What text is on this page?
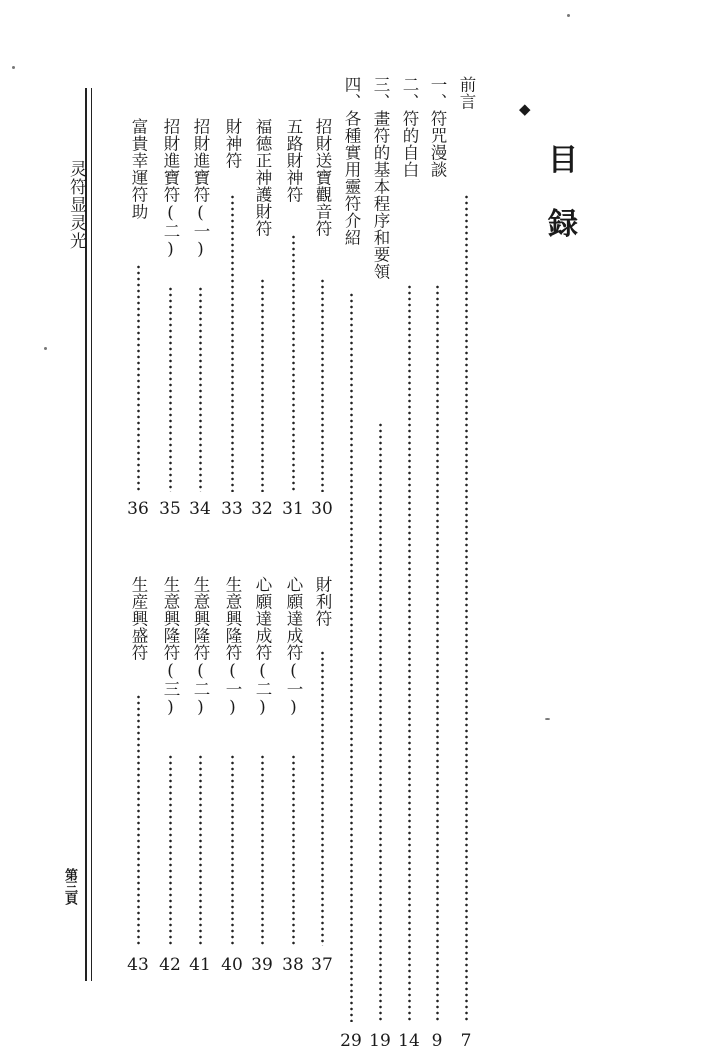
灵符显灵光
第三頁
◆
目
録
前言
7
一、符咒漫談
9
二、符的自白
14
三、畫符的基本程序和要領
19
四、各種實用靈符介紹
29
財利符
37
心願達成符(一)
38
心願達成符(二)
39
生意興隆符(一)
40
生意興隆符(二)
41
生意興隆符(三)
42
生産興盛符
43
招財送寶觀音符
30
五路財神符
31
福德正神護財符
32
財神符
33
招財進寶符(一)
34
招財進寶符(二)
35
富貴幸運符助
36
